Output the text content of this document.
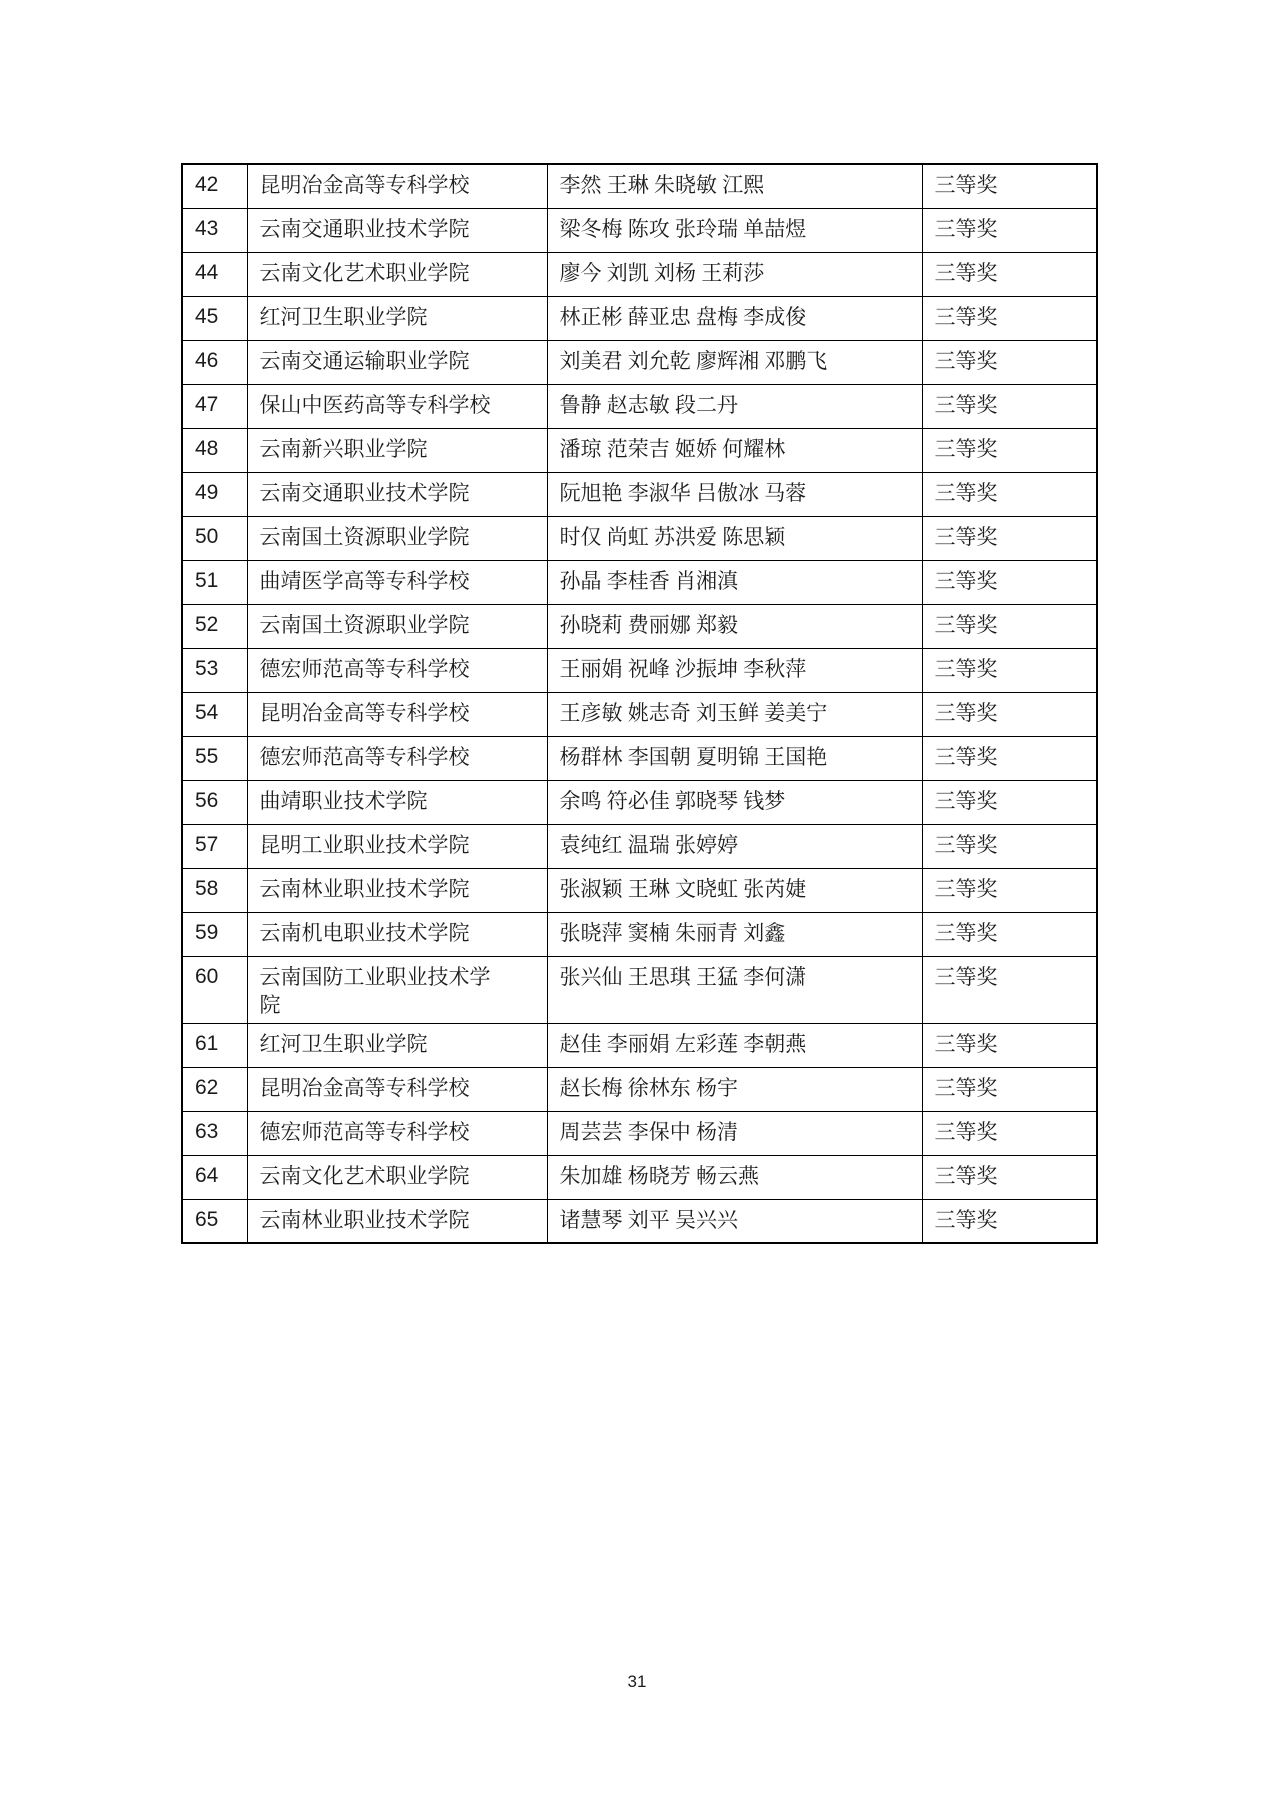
42	昆明冶金高等专科学校	李然 王琳 朱晓敏 江熙	三等奖
43	云南交通职业技术学院	梁冬梅 陈攻 张玲瑞 单喆煜	三等奖
44	云南文化艺术职业学院	廖今 刘凯 刘杨 王莉莎	三等奖
45	红河卫生职业学院	林正彬 薛亚忠 盘梅 李成俊	三等奖
46	云南交通运输职业学院	刘美君 刘允乾 廖辉湘 邓鹏飞	三等奖
47	保山中医药高等专科学校	鲁静 赵志敏 段二丹	三等奖
48	云南新兴职业学院	潘琼 范荣吉 姬娇 何耀林	三等奖
49	云南交通职业技术学院	阮旭艳 李淑华 吕傲冰 马蓉	三等奖
50	云南国土资源职业学院	时仅 尚虹 苏洪爱 陈思颖	三等奖
51	曲靖医学高等专科学校	孙晶 李桂香 肖湘滇	三等奖
52	云南国土资源职业学院	孙晓莉 费丽娜 郑毅	三等奖
53	德宏师范高等专科学校	王丽娟 祝峰 沙振坤 李秋萍	三等奖
54	昆明冶金高等专科学校	王彦敏 姚志奇 刘玉鲜 姜美宁	三等奖
55	德宏师范高等专科学校	杨群林 李国朝 夏明锦 王国艳	三等奖
56	曲靖职业技术学院	余鸣 符必佳 郭晓琴 钱梦	三等奖
57	昆明工业职业技术学院	袁纯红 温瑞 张婷婷	三等奖
58	云南林业职业技术学院	张淑颖 王琳 文晓虹 张芮婕	三等奖
59	云南机电职业技术学院	张晓萍 窦楠 朱丽青 刘鑫	三等奖
60	云南国防工业职业技术学院	张兴仙 王思琪 王猛 李何潇	三等奖
61	红河卫生职业学院	赵佳 李丽娟 左彩莲 李朝燕	三等奖
62	昆明冶金高等专科学校	赵长梅 徐林东 杨宇	三等奖
63	德宏师范高等专科学校	周芸芸 李保中 杨清	三等奖
64	云南文化艺术职业学院	朱加雄 杨晓芳 畅云燕	三等奖
65	云南林业职业技术学院	诸慧琴 刘平 吴兴兴	三等奖
31
